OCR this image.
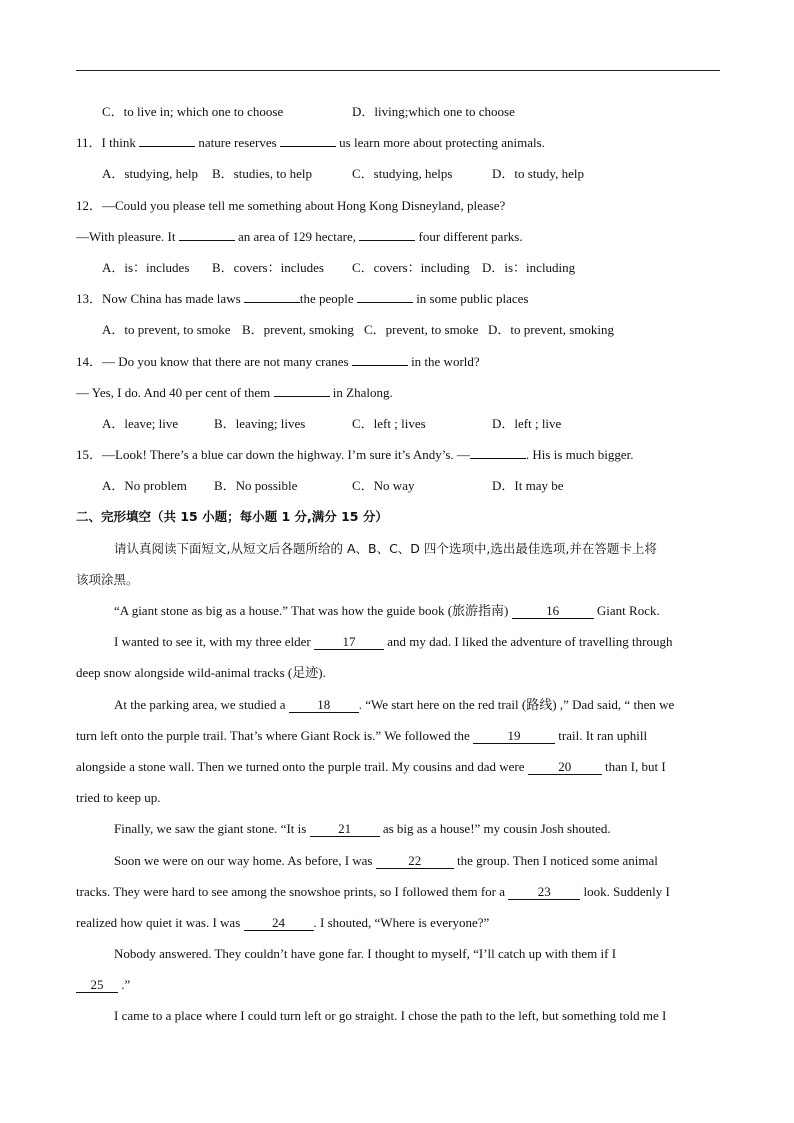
C．to live in; which one to choose	D．living;which one to choose
11．I think	nature reserves	us learn more about protecting animals.
A．studying, help B．studies, to help	C．studying, helps	D．to study, help
12．—Could you please tell me something about Hong Kong Disneyland, please?
—With pleasure. It	an area of 129 hectare,	four different parks.
A．is：includes B．covers：includes C．covers：including D．is：including
13．Now China has made laws	the people	in some public places
A．to prevent, to smoke B．prevent, smoking C．prevent, to smoke D．to prevent, smoking
14．— Do you know that there are not many cranes	in the world?
— Yes, I do. And 40 per cent of them	in Zhalong.
A．leave; live	B．leaving; lives	C．left ; lives	D．left ; live
15．—Look! There’s a blue car down the highway. I’m sure it’s Andy’s. —	. His is much bigger.
A．No problem B．No possible	C．No way	D．It may be
二、完形填空（共 15 小题；每小题 1 分,满分 15 分）
请认真阅读下面短文,从短文后各题所给的 A、B、C、D 四个选项中,选出最佳选项,并在答题卡上将
该项涂黑。
“A giant stone as big as a house.” That was how the guide book (旅游指南)	16	Giant Rock.
I wanted to see it, with my three elder 17 and my dad. I liked the adventure of travelling through
deep snow alongside wild-animal tracks (足迹).
At the parking area, we studied a 18 . “We start here on the red trail (路线) ,” Dad said, “ then we
turn left onto the purple trail. That’s where Giant Rock is.” We followed the	19	trail. It ran uphill
alongside a stone wall. Then we turned onto the purple trail. My cousins and dad were 20 than I, but I
tried to keep up.
Finally, we saw the giant stone. “It is 21 as big as a house!” my cousin Josh shouted.
Soon we were on our way home. As before, I was	22	the group. Then I noticed some animal
tracks. They were hard to see among the snowshoe prints, so I followed them for a 23 look. Suddenly I
realized how quiet it was. I was 24 . I shouted, “Where is everyone?”
Nobody answered. They couldn’t have gone far. I thought to myself, “I’ll catch up with them if I
25 .”
I came to a place where I could turn left or go straight. I chose the path to the left, but something told me I
